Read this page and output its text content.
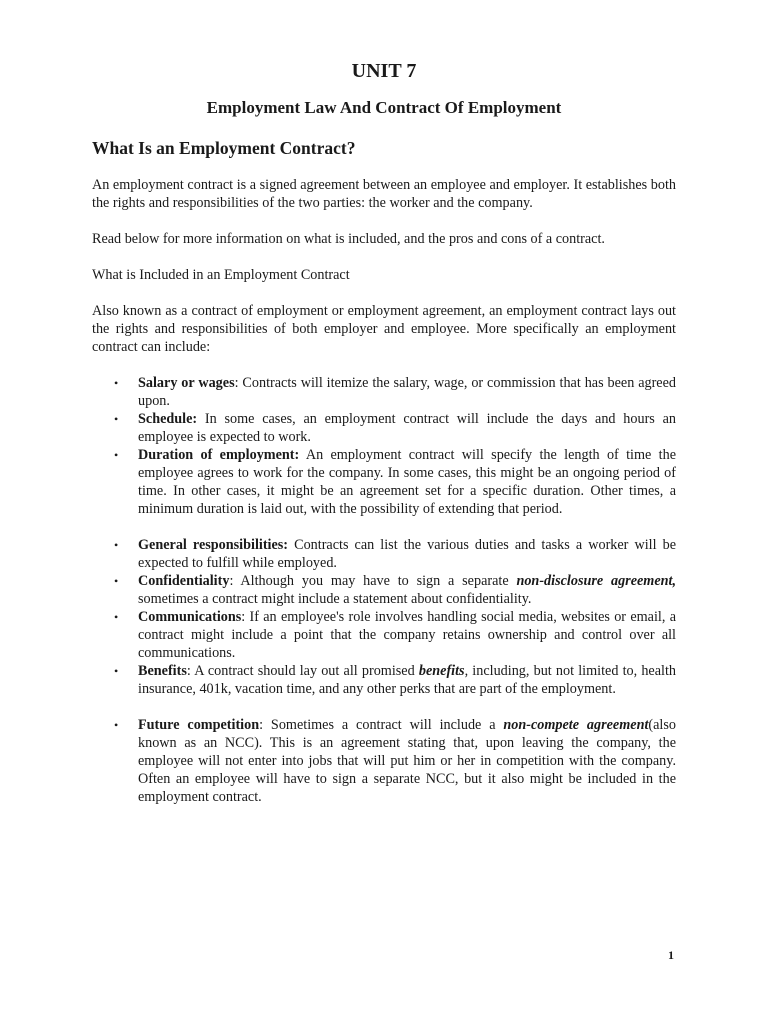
UNIT 7
Employment Law And Contract Of Employment
What Is an Employment Contract?

An employment contract is a signed agreement between an employee and employer. It establishes both the rights and responsibilities of the two parties: the worker and the company.

Read below for more information on what is included, and the pros and cons of a contract.

What is Included in an Employment Contract

Also known as a contract of employment or employment agreement, an employment contract lays out the rights and responsibilities of both employer and employee. More specifically an employment contract can include:

• Salary or wages: Contracts will itemize the salary, wage, or commission that has been agreed upon.
• Schedule: In some cases, an employment contract will include the days and hours an employee is expected to work.
• Duration of employment: An employment contract will specify the length of time the employee agrees to work for the company. In some cases, this might be an ongoing period of time. In other cases, it might be an agreement set for a specific duration. Other times, a minimum duration is laid out, with the possibility of extending that period.
• General responsibilities: Contracts can list the various duties and tasks a worker will be expected to fulfill while employed.
• Confidentiality: Although you may have to sign a separate non-disclosure agreement, sometimes a contract might include a statement about confidentiality.
• Communications: If an employee's role involves handling social media, websites or email, a contract might include a point that the company retains ownership and control over all communications.
• Benefits: A contract should lay out all promised benefits, including, but not limited to, health insurance, 401k, vacation time, and any other perks that are part of the employment.
• Future competition: Sometimes a contract will include a non-compete agreement(also known as an NCC). This is an agreement stating that, upon leaving the company, the employee will not enter into jobs that will put him or her in competition with the company. Often an employee will have to sign a separate NCC, but it also might be included in the employment contract.
1
